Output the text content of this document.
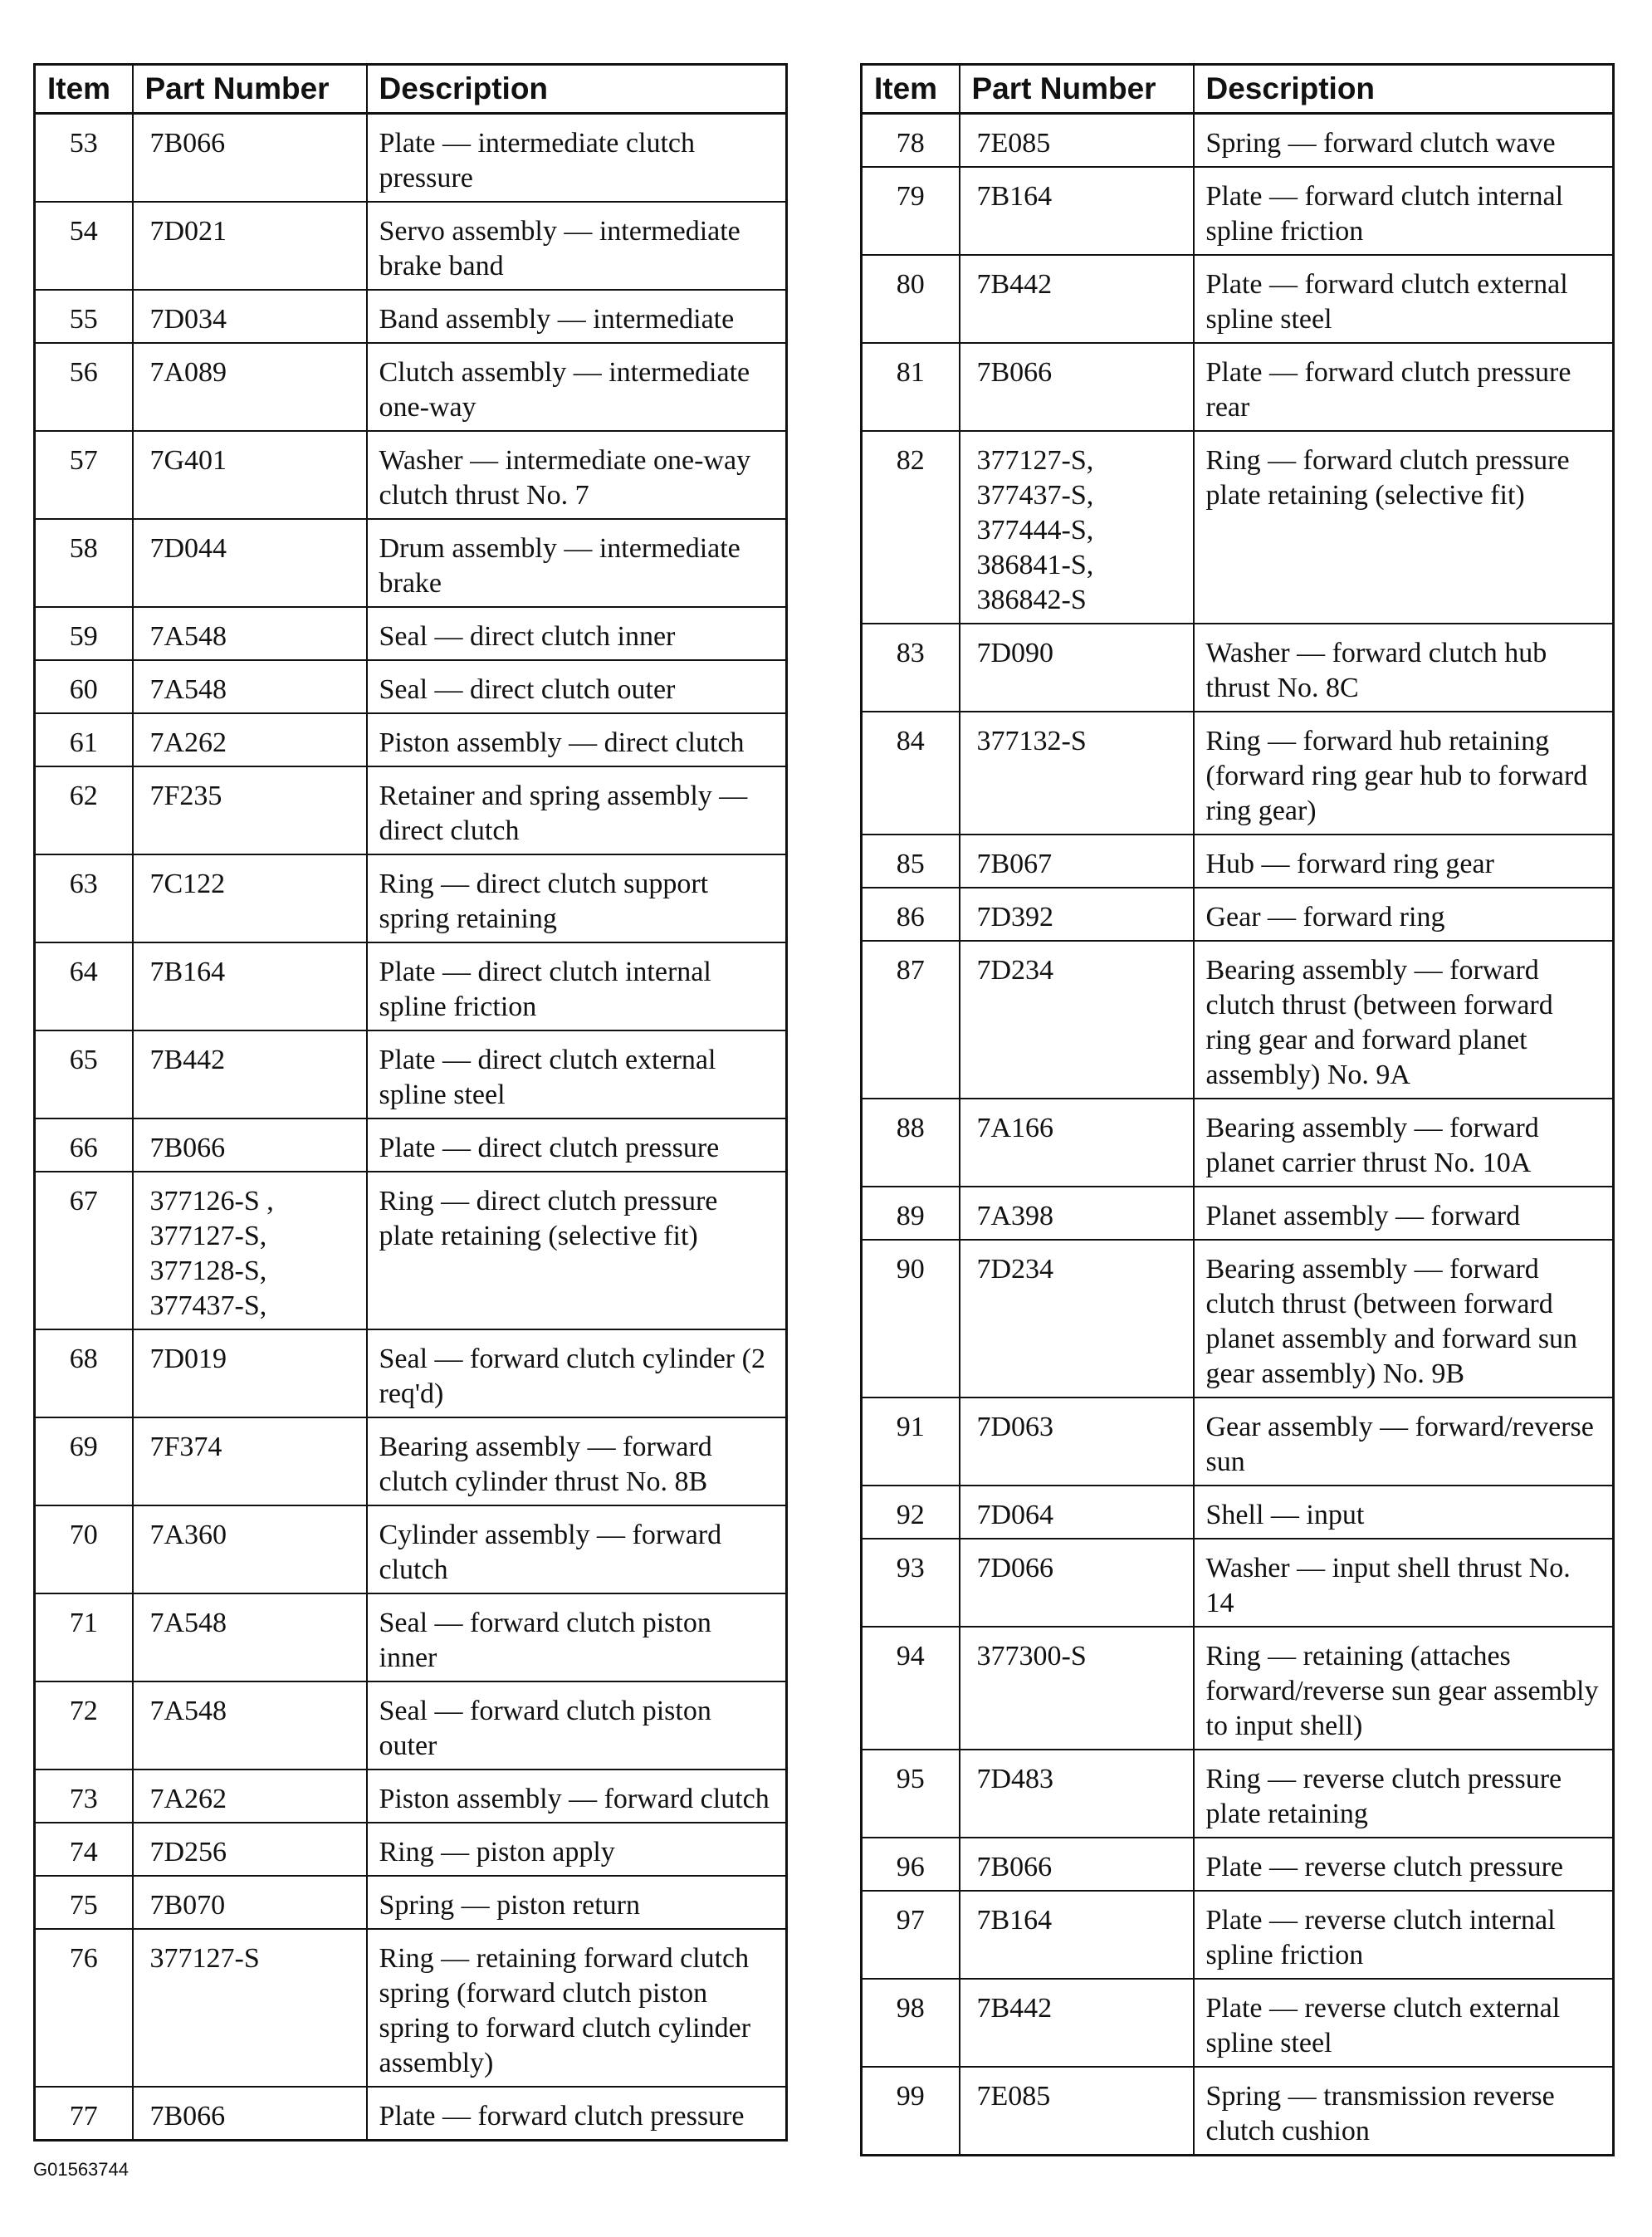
Item	Part Number	Description
53	7B066	Plate — intermediate clutch pressure
54	7D021	Servo assembly — intermediate brake band
55	7D034	Band assembly — intermediate
56	7A089	Clutch assembly — intermediate one-way
57	7G401	Washer — intermediate one-way clutch thrust No. 7
58	7D044	Drum assembly — intermediate brake
59	7A548	Seal — direct clutch inner
60	7A548	Seal — direct clutch outer
61	7A262	Piston assembly — direct clutch
62	7F235	Retainer and spring assembly — direct clutch
63	7C122	Ring — direct clutch support spring retaining
64	7B164	Plate — direct clutch internal spline friction
65	7B442	Plate — direct clutch external spline steel
66	7B066	Plate — direct clutch pressure
67	377126-S ,
377127-S,
377128-S,
377437-S,	Ring — direct clutch pressure plate retaining (selective fit)
68	7D019	Seal — forward clutch cylinder (2 req'd)
69	7F374	Bearing assembly — forward clutch cylinder thrust No. 8B
70	7A360	Cylinder assembly — forward clutch
71	7A548	Seal — forward clutch piston inner
72	7A548	Seal — forward clutch piston outer
73	7A262	Piston assembly — forward clutch
74	7D256	Ring — piston apply
75	7B070	Spring — piston return
76	377127-S	Ring — retaining forward clutch spring (forward clutch piston spring to forward clutch cylinder assembly)
77	7B066	Plate — forward clutch pressure
Item	Part Number	Description
78	7E085	Spring — forward clutch wave
79	7B164	Plate — forward clutch internal spline friction
80	7B442	Plate — forward clutch external spline steel
81	7B066	Plate — forward clutch pressure rear
82	377127-S,
377437-S,
377444-S,
386841-S,
386842-S	Ring — forward clutch pressure plate retaining (selective fit)
83	7D090	Washer — forward clutch hub thrust No. 8C
84	377132-S	Ring — forward hub retaining (forward ring gear hub to forward ring gear)
85	7B067	Hub — forward ring gear
86	7D392	Gear — forward ring
87	7D234	Bearing assembly — forward clutch thrust (between forward ring gear and forward planet assembly) No. 9A
88	7A166	Bearing assembly — forward planet carrier thrust No. 10A
89	7A398	Planet assembly — forward
90	7D234	Bearing assembly — forward clutch thrust (between forward planet assembly and forward sun gear assembly) No. 9B
91	7D063	Gear assembly — forward/reverse sun
92	7D064	Shell — input
93	7D066	Washer — input shell thrust No. 14
94	377300-S	Ring — retaining (attaches forward/reverse sun gear assembly to input shell)
95	7D483	Ring — reverse clutch pressure plate retaining
96	7B066	Plate — reverse clutch pressure
97	7B164	Plate — reverse clutch internal spline friction
98	7B442	Plate — reverse clutch external spline steel
99	7E085	Spring — transmission reverse clutch cushion
G01563744
